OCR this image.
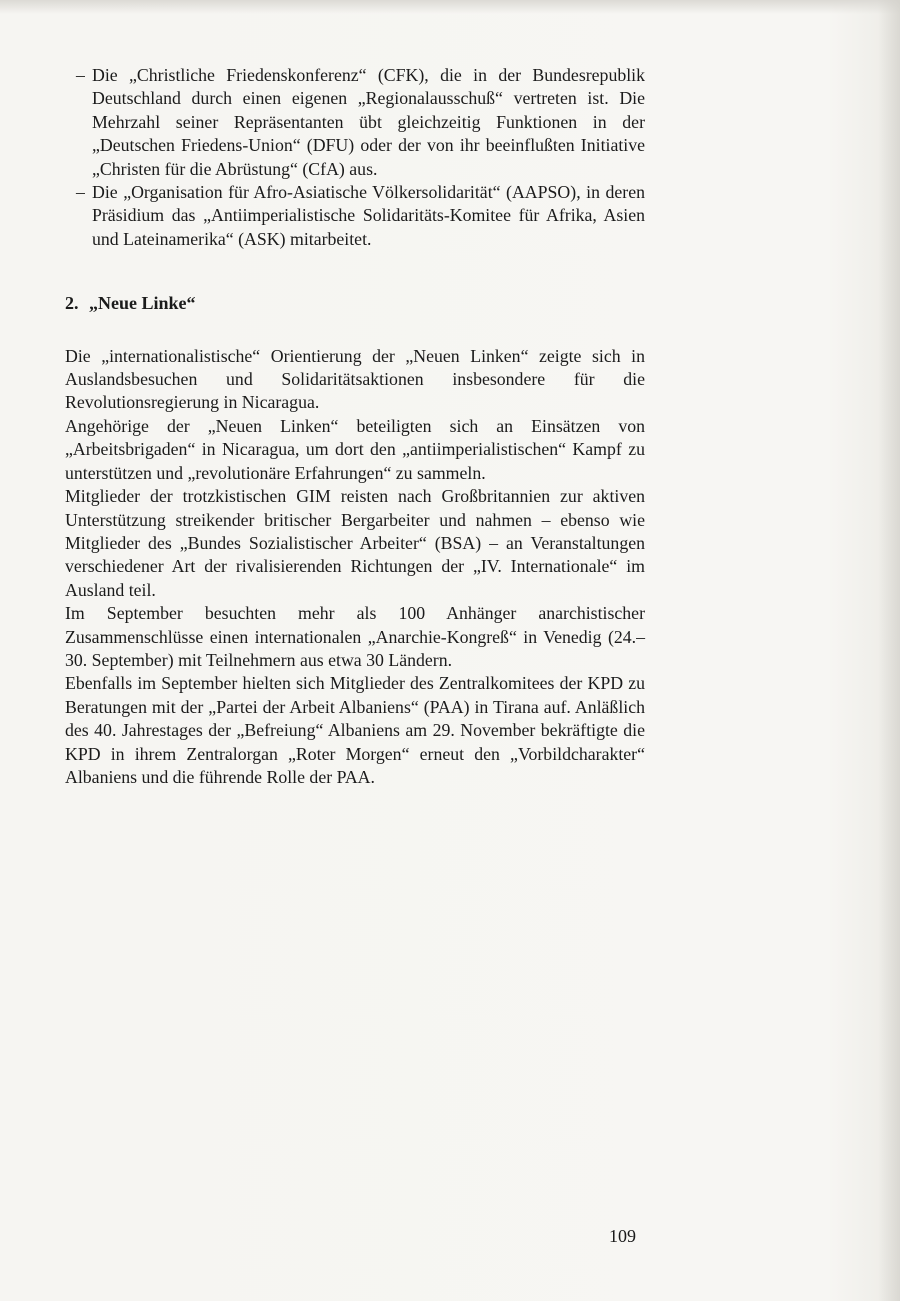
– Die „Christliche Friedenskonferenz“ (CFK), die in der Bundesrepublik Deutschland durch einen eigenen „Regionalausschuß“ vertreten ist. Die Mehrzahl seiner Repräsentanten übt gleichzeitig Funktionen in der „Deutschen Friedens-Union“ (DFU) oder der von ihr beeinflußten Initiative „Christen für die Abrüstung“ (CfA) aus.
– Die „Organisation für Afro-Asiatische Völkersolidarität“ (AAPSO), in deren Präsidium das „Antiimperialistische Solidaritäts-Komitee für Afrika, Asien und Lateinamerika“ (ASK) mitarbeitet.
2. „Neue Linke“

Die „internationalistische“ Orientierung der „Neuen Linken“ zeigte sich in Auslandsbesuchen und Solidaritätsaktionen insbesondere für die Revolutionsregierung in Nicaragua.

Angehörige der „Neuen Linken“ beteiligten sich an Einsätzen von „Arbeitsbrigaden“ in Nicaragua, um dort den „antiimperialistischen“ Kampf zu unterstützen und „revolutionäre Erfahrungen“ zu sammeln.

Mitglieder der trotzkistischen GIM reisten nach Großbritannien zur aktiven Unterstützung streikender britischer Bergarbeiter und nahmen – ebenso wie Mitglieder des „Bundes Sozialistischer Arbeiter“ (BSA) – an Veranstaltungen verschiedener Art der rivalisierenden Richtungen der „IV. Internationale“ im Ausland teil.

Im September besuchten mehr als 100 Anhänger anarchistischer Zusammenschlüsse einen internationalen „Anarchie-Kongreß“ in Venedig (24.–30. September) mit Teilnehmern aus etwa 30 Ländern.

Ebenfalls im September hielten sich Mitglieder des Zentralkomitees der KPD zu Beratungen mit der „Partei der Arbeit Albaniens“ (PAA) in Tirana auf. Anläßlich des 40. Jahrestages der „Befreiung“ Albaniens am 29. November bekräftigte die KPD in ihrem Zentralorgan „Roter Morgen“ erneut den „Vorbildcharakter“ Albaniens und die führende Rolle der PAA.

109
